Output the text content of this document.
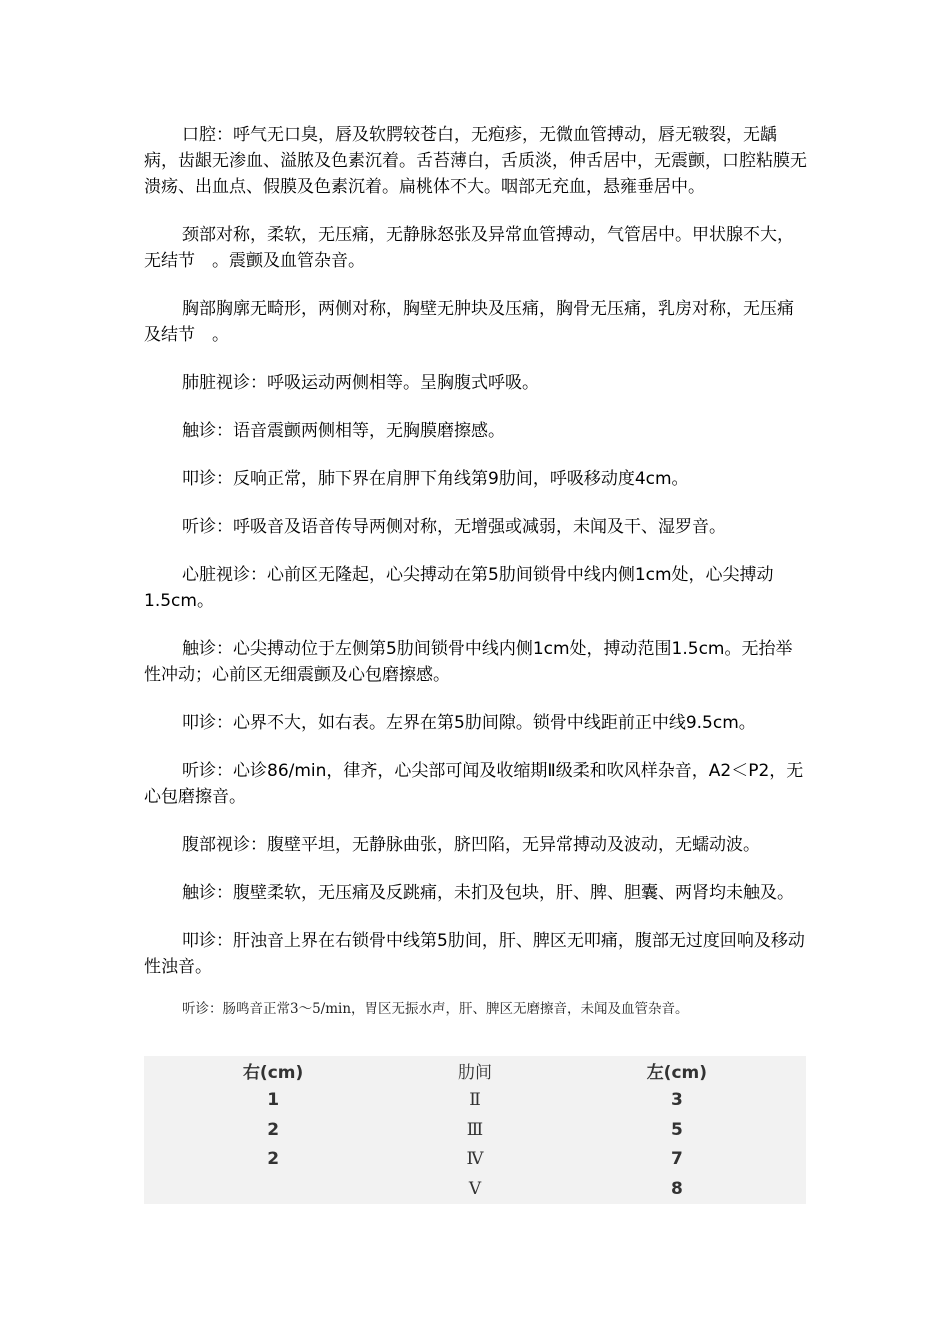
口腔：呼气无口臭，唇及软腭较苍白，无疱疹，无微血管搏动，唇无皲裂，无龋病，齿龈无渗血、溢脓及色素沉着。舌苔薄白，舌质淡，伸舌居中，无震颤，口腔粘膜无溃疡、出血点、假膜及色素沉着。扁桃体不大。咽部无充血，悬雍垂居中。

颈部对称，柔软，无压痛，无静脉怒张及异常血管搏动，气管居中。甲状腺不大，无结节　。震颤及血管杂音。

胸部胸廓无畸形，两侧对称，胸壁无肿块及压痛，胸骨无压痛，乳房对称，无压痛及结节　。

肺脏视诊：呼吸运动两侧相等。呈胸腹式呼吸。

触诊：语音震颤两侧相等，无胸膜磨擦感。

叩诊：反响正常，肺下界在肩胛下角线第9肋间，呼吸移动度4cm。

听诊：呼吸音及语音传导两侧对称，无增强或减弱，未闻及干、湿罗音。

心脏视诊：心前区无隆起，心尖搏动在第5肋间锁骨中线内侧1cm处，心尖搏动1.5cm。

触诊：心尖搏动位于左侧第5肋间锁骨中线内侧1cm处，搏动范围1.5cm。无抬举性冲动；心前区无细震颤及心包磨擦感。

叩诊：心界不大，如右表。左界在第5肋间隙。锁骨中线距前正中线9.5cm。

听诊：心诊86/min，律齐，心尖部可闻及收缩期Ⅱ级柔和吹风样杂音，A2＜P2，无心包磨擦音。

腹部视诊：腹壁平坦，无静脉曲张，脐凹陷，无异常搏动及波动，无蠕动波。

触诊：腹壁柔软，无压痛及反跳痛，未扪及包块，肝、脾、胆囊、两肾均未触及。

叩诊：肝浊音上界在右锁骨中线第5肋间，肝、脾区无叩痛，腹部无过度回响及移动性浊音。

听诊：肠鸣音正常3～5/min，胃区无振水声，肝、脾区无磨擦音，未闻及血管杂音。

右(cm)	肋间	左(cm)
1	Ⅱ	3
2	Ⅲ	5
2	Ⅳ	7
	Ⅴ	8
